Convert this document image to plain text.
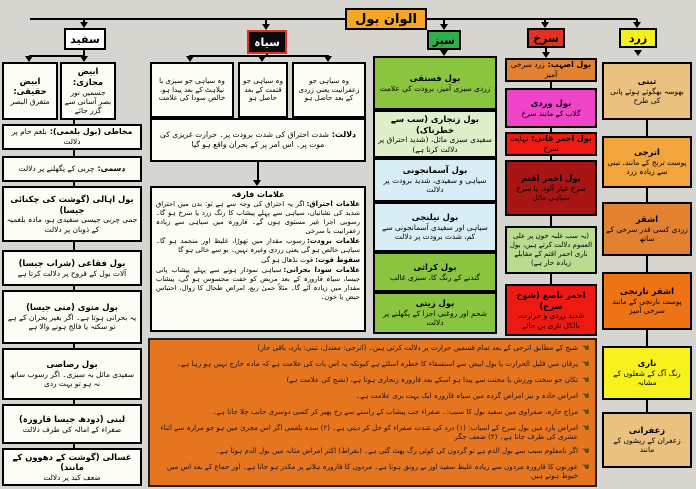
الوان بول
سفید	سیاہ	سبز	سرخ	زرد
ابیض حقیقی:
متفرق البصر
ابیض مجازی:
جسمیں نور بصر آسانی سے گزر جائے
مخاطی (بول بلغمی):بلغم خام پر دلالت
دسمی:چربی کے پگھلنے پر دلالت
بول اہالی (گوشت کی چکنائی جیسا)
جمی چربی جیسی سفیدی ہو، مادہ بلغمیہ کے ذوبان پر دلالت
بول فقاعی (شراب جیسا)
آلات بول کے قروح پر دلالت کرتا ہے
بول منوی (منی جیسا)
یہ بحرانی ہوتا ہے۔ اگر بغیر بحران کے ہے تو سکتہ یا فالج ہونے والا ہے
بول رصاصی
سفیدی مائل بہ سبزی۔ اگر رسوب ساتھ نہ ہو تو بہت ردی
لبنی (دودھ جیسا قارورہ)
صفراء کے امالہ کی طرف دلالت
غسالی (گوشت کے دھوون کے مانند)
ضعف کبد پر دلالت
وہ سیاہی جو سبزی یا نیلاہٹ کے بعد پیدا ہو، خالص سودا کی علامت
وہ سیاہی جو قتمت کے بعد حاصل ہو
وہ سیاہی جو زعفرانیت یعنی زردی کے بعد حاصل ہو
دلالت:شدت احتراق کی شدت برودت پر۔ حرارت غریزی کی موت پر۔ اس امر پر کے بحران واقع ہو گیا
علامات فارقہ
علامات احتراق:اگر یہ احتراق کی وجہ سے ہے تو: بدن میں احتراق شدید کی نشانیاں، سیاہی سے پہلے پیشاب کا رنگ زرد یا سرخ ہو گا۔ رسوبی اجزا غیر مستوی ہوں گے۔ قارورہ میں سیاہی سے زیادہ زعفرانیت یا سرخی
علامات برودت:رسوب مقدار میں تھوڑا، غلیظ اور منجمد ہو گا۔ سیاہی خالص ہو گی یعنی زردی وغیرہ نہیں۔ بو سے خالی ہو گا
سقوط قوت:قوت نڈھال ہو گی
علامات سودا بحرانی:سیاہی نمودار ہونے سے پہلے پیشاب پانی جیسا، سیاہ قارورہ کے بعد مریض کو خفت محسوس ہو گی، پیشاب مقدار میں زیادہ آئے گا۔ مثلاً حمیٰ ربع، امراض طحال کا زوال، احتباس حیض یا خون۔
بول فستقی
زردی سبزی آمیز، برودت کی علامت
بول زنجاری (سب سے خطرناک)
سفیدی سبزی مائل، (شدید احتراق پر دلالت کرتا ہے)
بول آسمانجونی
سیاہی و سفیدی، شدید برودت پر دلالت
بول نیلنجی
سیاہی اور سفیدی آسمانجونی سے کم، شدت برودت پر دلالت
بول کراثی
گندنے کے رنگ کا، سبزی غالب
بول زیتی
شحم اور روغنی اجزا کے پگھلنے پر دلالت
بول اصہب:زرد سرخی آمیز
بول وردی
گلاب کے مانند سرخ
بول احمر قانی:نہایت سرخ
بول احمر اقتم
سرخ غبار آلود، یا سرخ سیاہی مائل
(یہ سب غلبہ خون پر علی العموم دلالت کرتے ہیں، بول ناری احمر اقتم کے مقابلے زیادہ حار ہے)
احمر ناصع (شوخ سرخ)
شدید زردی و حرارت، بالکل ناری بن جائے
تبنی
بھوسہ بھگوئے ہوئے پانی کی طرح
اترجی
پوست ترنج کے مانند، تبنی سے زیادہ زرد
اشقر
زردی کسی قدر سرخی کے ساتھ
اشقر نارنجی
پوست نارنجی کے مانند سرخی آمیز
ناری
رنگ آگ کے شعلوں کے مشابہ
زعفرانی
زعفران کے ریشوں کے مانند
☚
شیخ کے مطابق اترجی کے بعد تمام قسمیں حرارت پر دلالت کرتی ہیں۔ (اترجی: معتدل، تبنی: بارد، باقی حار)
☚
یرقان میں قلیل الحرارت یا بول ابیض سے استسقاء کا خطرہ اسلئے ہے کیونکہ یہ اس بات کی علامت ہے کہ مادہ خارج نہیں ہو رہا ہے۔
☚
تکان جو سخت ورزش یا محنت سے پیدا ہو اسکے بعد قارورہ زنجاری ہوتا ہے، (نضج کی علامت ہے)
☚
امراض حادہ و نیز امراض گردہ میں سیاہ قارورہ ایک بہت بری علامت ہے۔
☚
مزاج حارہ، صفراوی میں سفید بول کا سبب:۔ صفراء جب پیشاب کے راستے سے رخ پھیر کر کسی دوسری جانب چلا جاتا ہے۔
☚
امراض بارد میں بول سرخ کے اسباب: (۱) درد کی شدت صفراء کو حل کر دیتی ہے۔ (۲) سدہ بلغمی اگر اس مجریٰ میں ہو جو مرارہ سے اثناء عشری کی طرف جاتا ہے۔ (۳) ضعف جگر
☚
اگر نامعلوم سبب سے بول الدم ہے تو گردوں کی کوئی رگ پھٹ گئی ہے۔ (بقراط) اکثر امراض مثانہ میں بول الدم ہوتا ہے۔
☚
عورتوں کا قارورہ مردوں سے زیادہ غلیظ سفید اور بے رونق ہوتا ہے۔ مردوں کا قارورہ ہلانے پر مکدر ہو جاتا ہے۔ اور جماع کے بعد اس میں خیوط ہوتے ہیں
